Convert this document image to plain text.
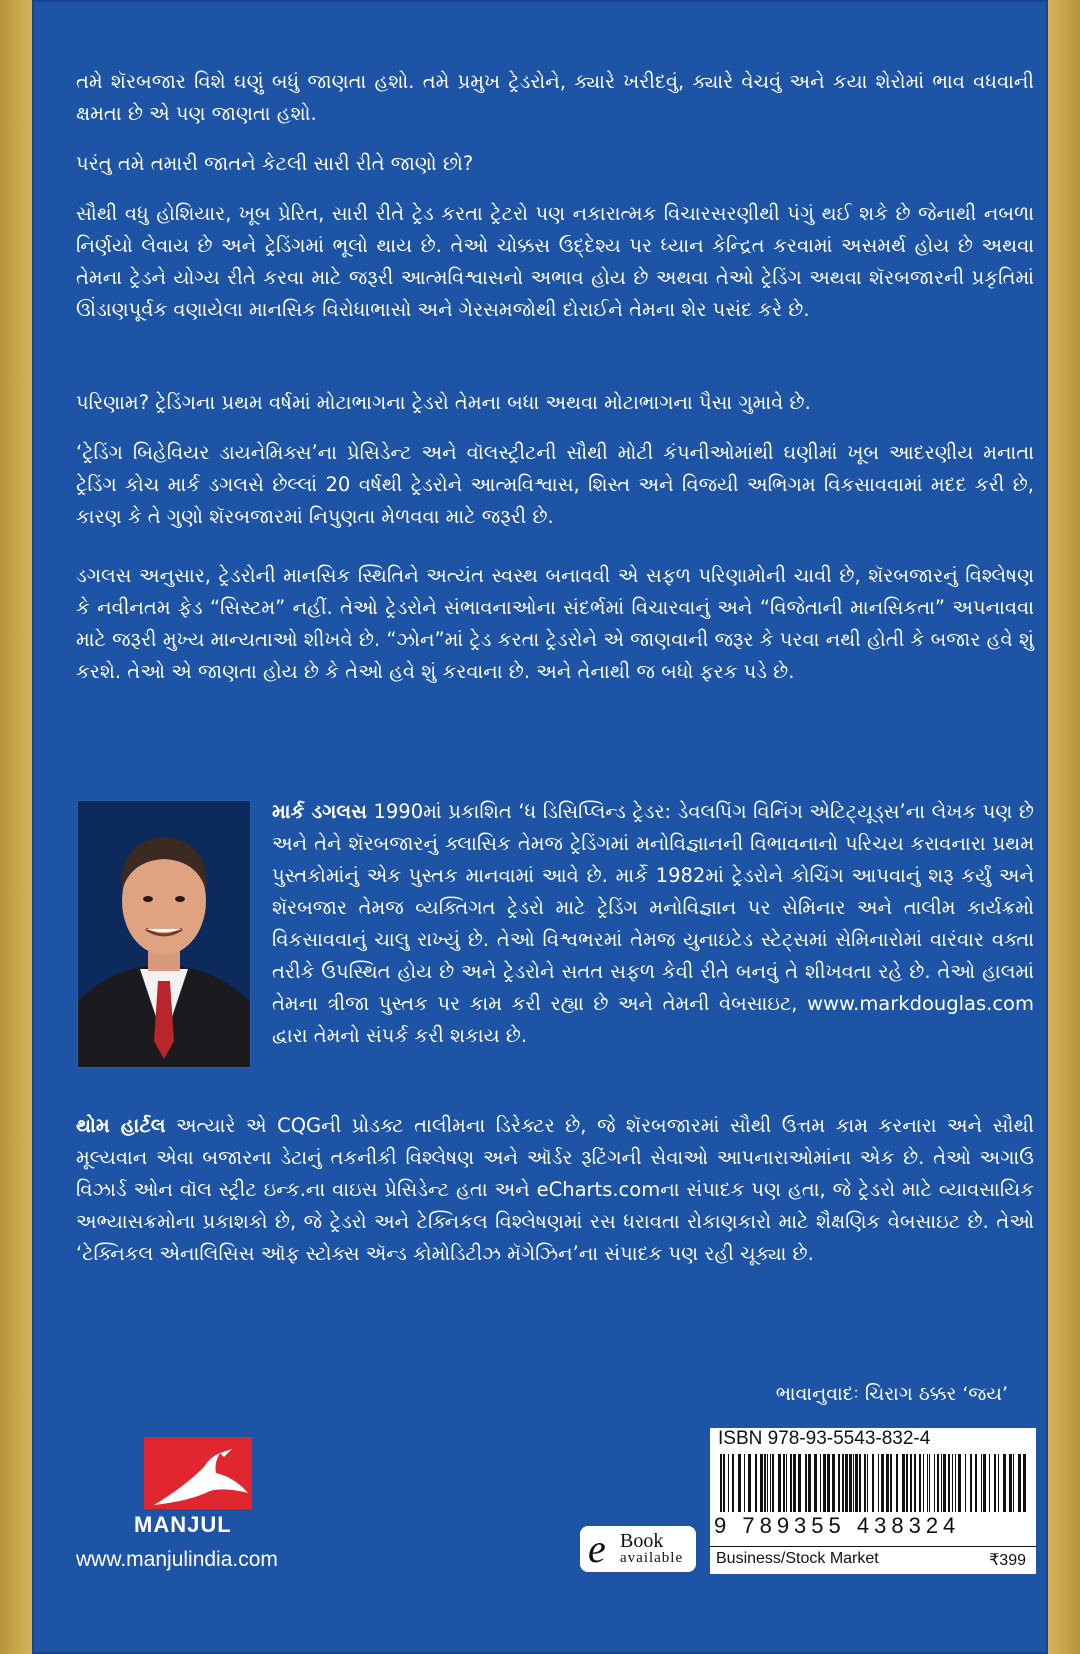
તમે શૅરબજાર વિશે ઘણું બધું જાણતા હશો. તમે પ્રમુખ ટ્રેડરોને, ક્યારે ખરીદવું, ક્યારે વેચવું અને કયા શેરોમાં ભાવ વધવાની ક્ષમતા છે એ પણ જાણતા હશો.
પરંતુ તમે તમારી જાતને કેટલી સારી રીતે જાણો છો?
સૌથી વધુ હોશિયાર, ખૂબ પ્રેરિત, સારી રીતે ટ્રેડ કરતા ટ્રેટરો પણ નકારાત્મક વિચારસરણીથી પંગું થઈ શકે છે જેનાથી નબળા નિર્ણયો લેવાય છે અને ટ્રેડિંગમાં ભૂલો થાય છે. તેઓ ચોક્કસ ઉદ્દેશ્ય પર ધ્યાન કેન્દ્રિત કરવામાં અસમર્થ હોય છે અથવા તેમના ટ્રેડને યોગ્ય રીતે કરવા માટે જરૂરી આત્મવિશ્વાસનો અભાવ હોય છે અથવા તેઓ ટ્રેડિંગ અથવા શૅરબજારની પ્રકૃતિમાં ઊંડાણપૂર્વક વણાયેલા માનસિક વિરોધાભાસો અને ગેરસમજોથી દોરાઈને તેમના શેર પસંદ કરે છે.
પરિણામ? ટ્રેડિંગના પ્રથમ વર્ષમાં મોટાભાગના ટ્રેડરો તેમના બધા અથવા મોટાભાગના પૈસા ગુમાવે છે.
‘ટ્રેડિંગ બિહેવિયર ડાયનેમિક્સ’ના પ્રેસિડેન્ટ અને વૉલસ્ટ્રીટની સૌથી મોટી કંપનીઓમાંથી ઘણીમાં ખૂબ આદરણીય મનાતા ટ્રેડિંગ કોચ માર્ક ડગલસે છેલ્લાં 20 વર્ષથી ટ્રેડરોને આત્મવિશ્વાસ, શિસ્ત અને વિજયી અભિગમ વિકસાવવામાં મદદ કરી છે, કારણ કે તે ગુણો શૅરબજારમાં નિપુણતા મેળવવા માટે જરૂરી છે.
ડગલસ અનુસાર, ટ્રેડરોની માનસિક સ્થિતિને અત્યંત સ્વસ્થ બનાવવી એ સફળ પરિણામોની ચાવી છે, શૅરબજારનું વિશ્લેષણ કે નવીનતમ ફેડ “સિસ્ટમ” નહીં. તેઓ ટ્રેડરોને સંભાવનાઓના સંદર્ભમાં વિચારવાનું અને “વિજેતાની માનસિકતા” અપનાવવા માટે જરૂરી મુખ્ય માન્યતાઓ શીખવે છે. “ઝોન”માં ટ્રેડ કરતા ટ્રેડરોને એ જાણવાની જરૂર કે પરવા નથી હોતી કે બજાર હવે શું કરશે. તેઓ એ જાણતા હોય છે કે તેઓ હવે શું કરવાના છે. અને તેનાથી જ બધો ફરક પડે છે.
માર્ક ડગલસ 1990માં પ્રકાશિત ‘ધ ડિસિપ્લિન્ડ ટ્રેડર: ડેવલપિંગ વિનિંગ એટિટ્યૂડ્સ’ના લેખક પણ છે અને તેને શૅરબજારનું ક્લાસિક તેમજ ટ્રેડિંગમાં મનોવિજ્ઞાનની વિભાવનાનો પરિચય કરાવનારા પ્રથમ પુસ્તકોમાંનું એક પુસ્તક માનવામાં આવે છે. માર્કે 1982માં ટ્રેડરોને કોચિંગ આપવાનું શરૂ કર્યું અને શૅરબજાર તેમજ વ્યક્તિગત ટ્રેડરો માટે ટ્રેડિંગ મનોવિજ્ઞાન પર સેમિનાર અને તાલીમ કાર્યક્રમો વિકસાવવાનું ચાલુ રાખ્યું છે. તેઓ વિશ્વભરમાં તેમજ યુનાઇટેડ સ્ટેટ્સમાં સેમિનારોમાં વારંવાર વક્તા તરીકે ઉપસ્થિત હોય છે અને ટ્રેડરોને સતત સફળ કેવી રીતે બનવું તે શીખવતા રહે છે. તેઓ હાલમાં તેમના ત્રીજા પુસ્તક પર કામ કરી રહ્યા છે અને તેમની વેબસાઇટ, www.markdouglas.com દ્વારા તેમનો સંપર્ક કરી શકાય છે.
થોમ હાર્ટલ અત્યારે એ CQGની પ્રોડક્ટ તાલીમના ડિરેક્ટર છે, જે શૅરબજારમાં સૌથી ઉત્તમ કામ કરનારા અને સૌથી મૂલ્યવાન એવા બજારના ડેટાનું તકનીકી વિશ્લેષણ અને ઑર્ડર રૂટિંગની સેવાઓ આપનારાઓમાંના એક છે. તેઓ અગાઉ વિઝાર્ડ ઓન વૉલ સ્ટ્રીટ ઇન્ક.ના વાઇસ પ્રેસિડેન્ટ હતા અને eCharts.comના સંપાદક પણ હતા, જે ટ્રેડરો માટે વ્યાવસાયિક અભ્યાસક્રમોના પ્રકાશકો છે, જે ટ્રેડરો અને ટેક્નિકલ વિશ્લેષણમાં રસ ધરાવતા રોકાણકારો માટે શૈક્ષણિક વેબસાઇટ છે. તેઓ ‘ટેક્નિકલ એનાલિસિસ ઑફ સ્ટોક્સ ઍન્ડ કોમોડિટીઝ મૅગેઝિન’ના સંપાદક પણ રહી ચૂક્યા છે.
ભાવાનુવાદઃ ચિરાગ ઠક્કર ‘જય’
MANJUL
www.manjulindia.com	e Book
available
ISBN 978-93-5543-832-4
9 789355 438324
Business/Stock Market	₹399
